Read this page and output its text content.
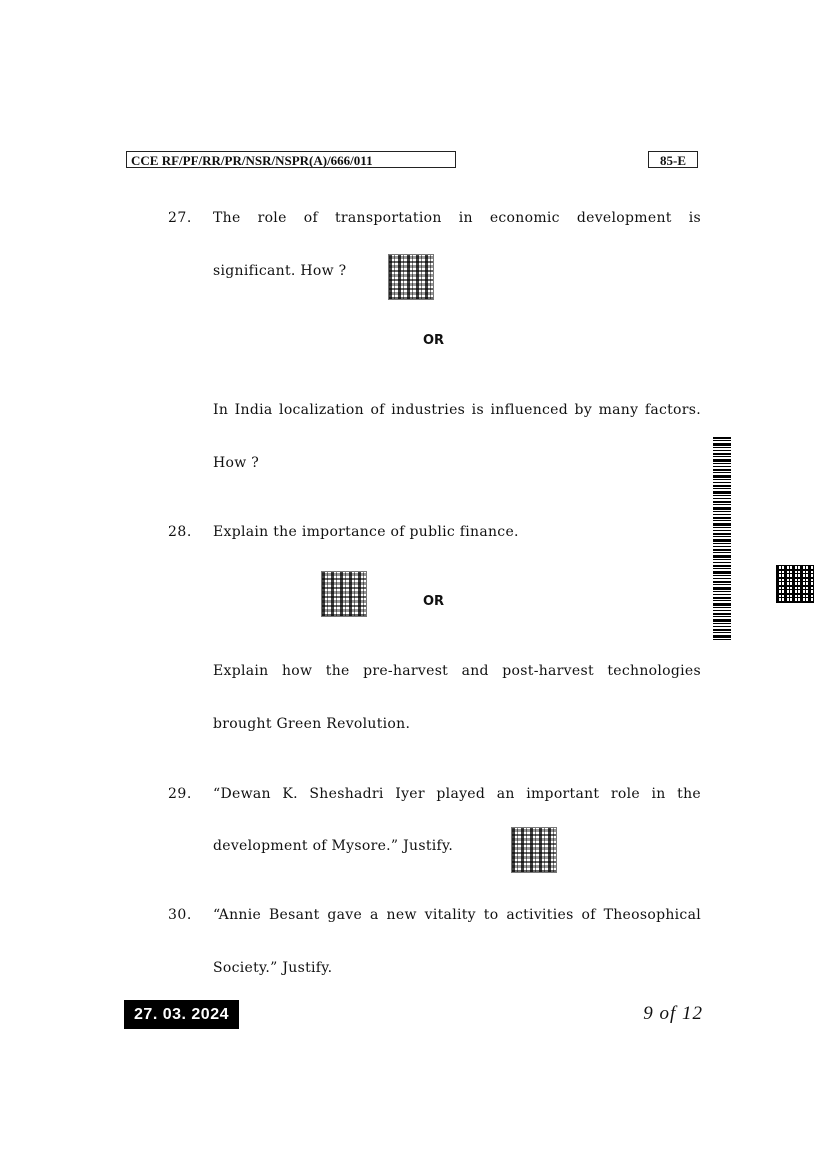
CCE RF/PF/RR/PR/NSR/NSPR(A)/666/011	85-E
27.	The role of transportation in economic development is
significant. How ?
OR
In India localization of industries is influenced by many factors.
How ?
28.	Explain the importance of public finance.
OR
Explain how the pre-harvest and post-harvest technologies
brought Green Revolution.
29.	“Dewan K. Sheshadri Iyer played an important role in the
development of Mysore.” Justify.
30.	“Annie Besant gave a new vitality to activities of Theosophical
Society.” Justify.
27. 03. 2024	9 of 12
